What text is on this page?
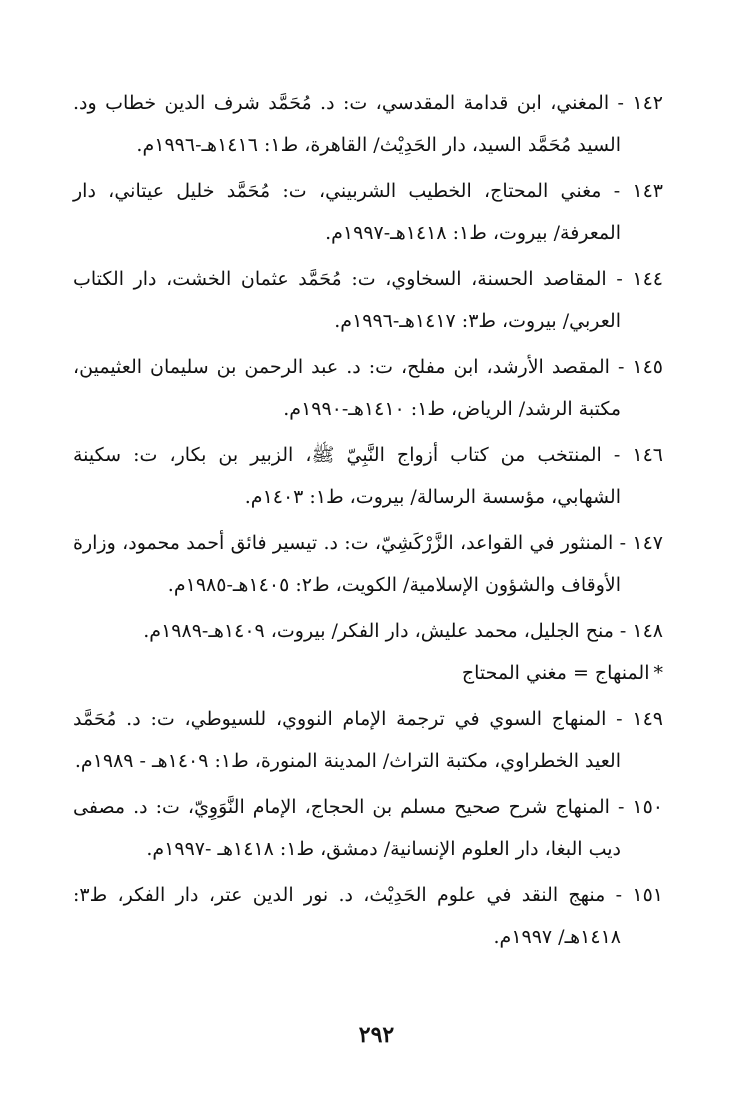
١٤٢ - المغني، ابن قدامة المقدسي، ت: د. مُحَمَّد شرف الدين خطاب ود. السيد مُحَمَّد السيد، دار الحَدِيْث/ القاهرة، ط١: ١٤١٦هـ-١٩٩٦م.
١٤٣ - مغني المحتاج، الخطيب الشربيني، ت: مُحَمَّد خليل عيتاني، دار المعرفة/ بيروت، ط١: ١٤١٨هـ-١٩٩٧م.
١٤٤ - المقاصد الحسنة، السخاوي، ت: مُحَمَّد عثمان الخشت، دار الكتاب العربي/ بيروت، ط٣: ١٤١٧هـ-١٩٩٦م.
١٤٥ - المقصد الأرشد، ابن مفلح، ت: د. عبد الرحمن بن سليمان العثيمين، مكتبة الرشد/ الرياض، ط١: ١٤١٠هـ-١٩٩٠م.
١٤٦ - المنتخب من كتاب أزواج النَّبِيّ ﷺ، الزبير بن بكار، ت: سكينة الشهابي، مؤسسة الرسالة/ بيروت، ط١: ١٤٠٣م.
١٤٧ - المنثور في القواعد، الزَّرْكَشِيّ، ت: د. تيسير فائق أحمد محمود، وزارة الأوقاف والشؤون الإسلامية/ الكويت، ط٢: ١٤٠٥هـ-١٩٨٥م.
١٤٨ - منح الجليل، محمد عليش، دار الفكر/ بيروت، ١٤٠٩هـ-١٩٨٩م.
*المنهاج = مغني المحتاج
١٤٩ - المنهاج السوي في ترجمة الإمام النووي، للسيوطي، ت: د. مُحَمَّد العيد الخطراوي، مكتبة التراث/ المدينة المنورة، ط١: ١٤٠٩هـ - ١٩٨٩م.
١٥٠ - المنهاج شرح صحيح مسلم بن الحجاج، الإمام النَّوَوِيّ، ت: د. مصفى ديب البغا، دار العلوم الإنسانية/ دمشق، ط١: ١٤١٨هـ -١٩٩٧م.
١٥١ - منهج النقد في علوم الحَدِيْث، د. نور الدين عتر، دار الفكر، ط٣: ١٤١٨هـ/ ١٩٩٧م.
٢٩٢
